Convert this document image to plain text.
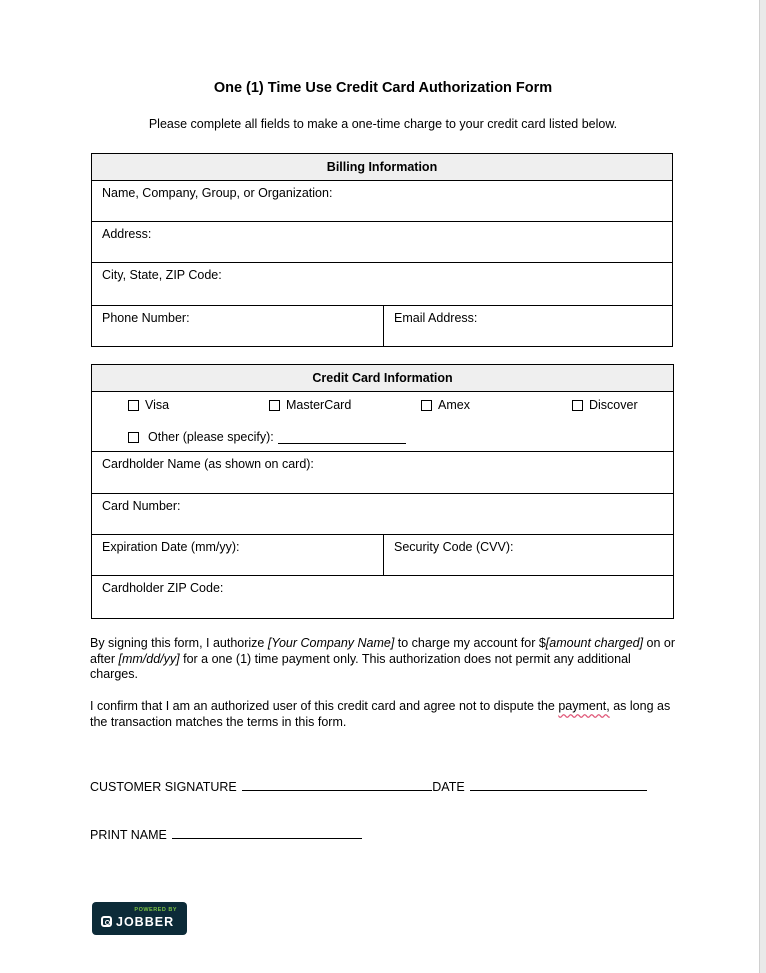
One (1) Time Use Credit Card Authorization Form
Please complete all fields to make a one-time charge to your credit card listed below.
Billing Information
Name, Company, Group, or Organization:
Address:
City, State, ZIP Code:
Phone Number:	Email Address:
Credit Card Information

Visa	MasterCard	Amex	Discover
Other (please specify):

Cardholder Name (as shown on card):
Card Number:
Expiration Date (mm/yy):	Security Code (CVV):
Cardholder ZIP Code:
By signing this form, I authorize [Your Company Name] to charge my account for $[amount charged] on or after [mm/dd/yy] for a one (1) time payment only. This authorization does not permit any additional charges.
I confirm that I am an authorized user of this credit card and agree not to dispute the payment, as long as the transaction matches the terms in this form.
CUSTOMER SIGNATURE	DATE
PRINT NAME
POWERED BY
JOBBER
